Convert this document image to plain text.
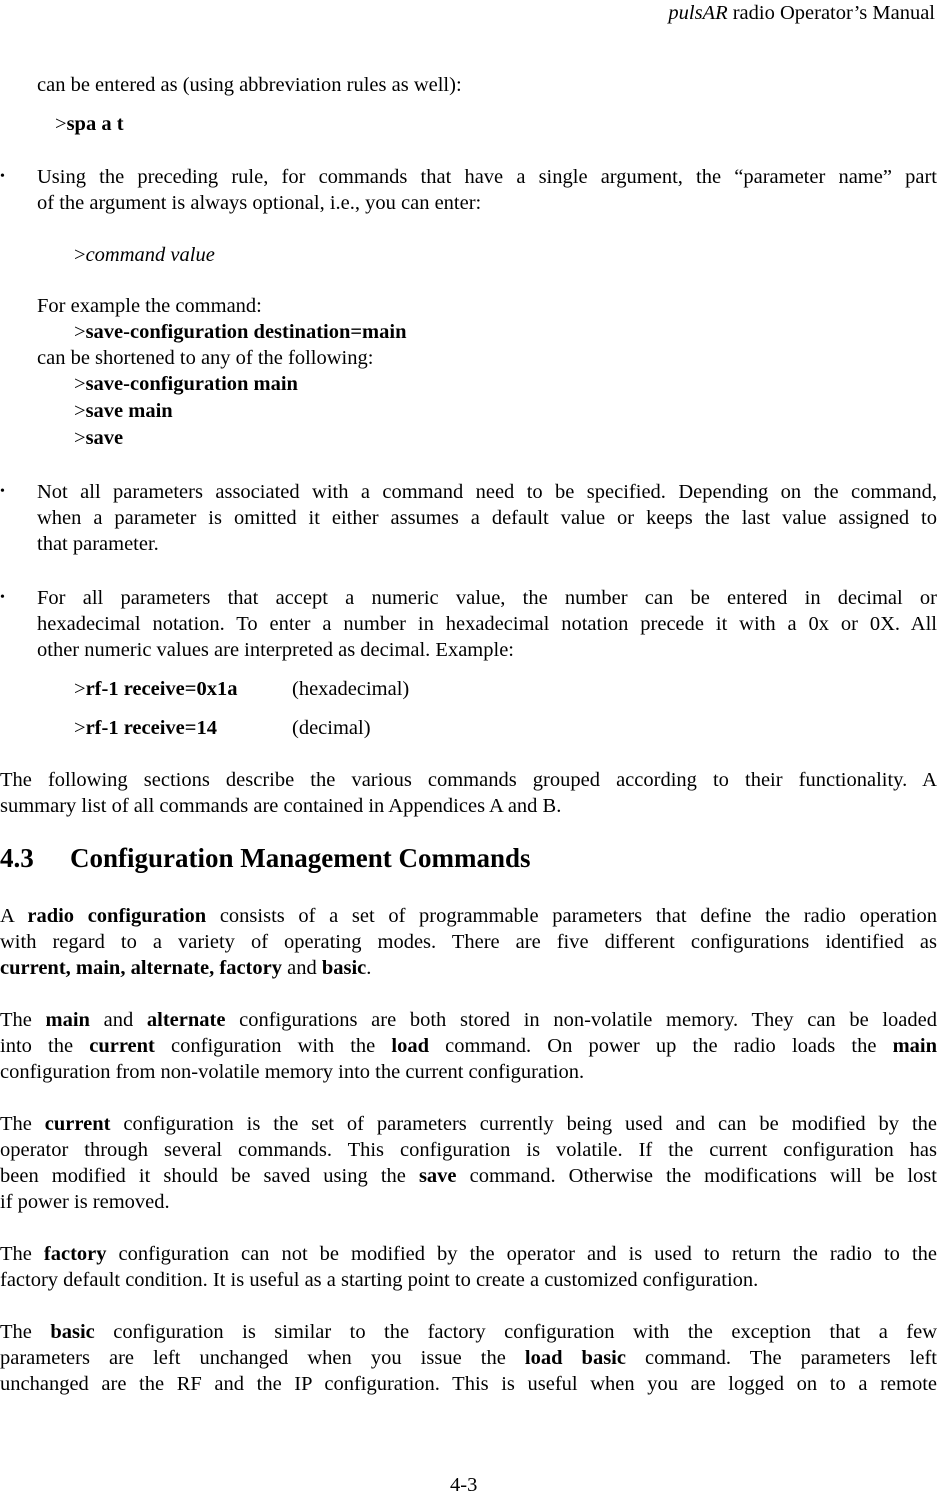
pulsAR radio Operator’s Manual
can be entered as (using abbreviation rules as well):
>spa a t
• Using the preceding rule, for commands that have a single argument, the “parameter name” part
of the argument is always optional, i.e., you can enter:
>command value
For example the command:
>save-configuration destination=main
can be shortened to any of the following:
>save-configuration main
>save main
>save
• Not all parameters associated with a command need to be specified. Depending on the command,
when a parameter is omitted it either assumes a default value or keeps the last value assigned to
that parameter.
• For all parameters that accept a numeric value, the number can be entered in decimal or
hexadecimal notation. To enter a number in hexadecimal notation precede it with a 0x or 0X. All
other numeric values are interpreted as decimal. Example:
>rf-1 receive=0x1a	(hexadecimal)
>rf-1 receive=14	(decimal)
The following sections describe the various commands grouped according to their functionality. A
summary list of all commands are contained in Appendices A and B.
4.3 Configuration Management Commands
A radio configuration consists of a set of programmable parameters that define the radio operation
with regard to a variety of operating modes. There are five different configurations identified as
current, main, alternate, factory and basic.
The main and alternate configurations are both stored in non-volatile memory. They can be loaded
into the current configuration with the load command. On power up the radio loads the main
configuration from non-volatile memory into the current configuration.
The current configuration is the set of parameters currently being used and can be modified by the
operator through several commands. This configuration is volatile. If the current configuration has
been modified it should be saved using the save command. Otherwise the modifications will be lost
if power is removed.
The factory configuration can not be modified by the operator and is used to return the radio to the
factory default condition. It is useful as a starting point to create a customized configuration.
The basic configuration is similar to the factory configuration with the exception that a few
parameters are left unchanged when you issue the load basic command. The parameters left
unchanged are the RF and the IP configuration. This is useful when you are logged on to a remote
4-3
